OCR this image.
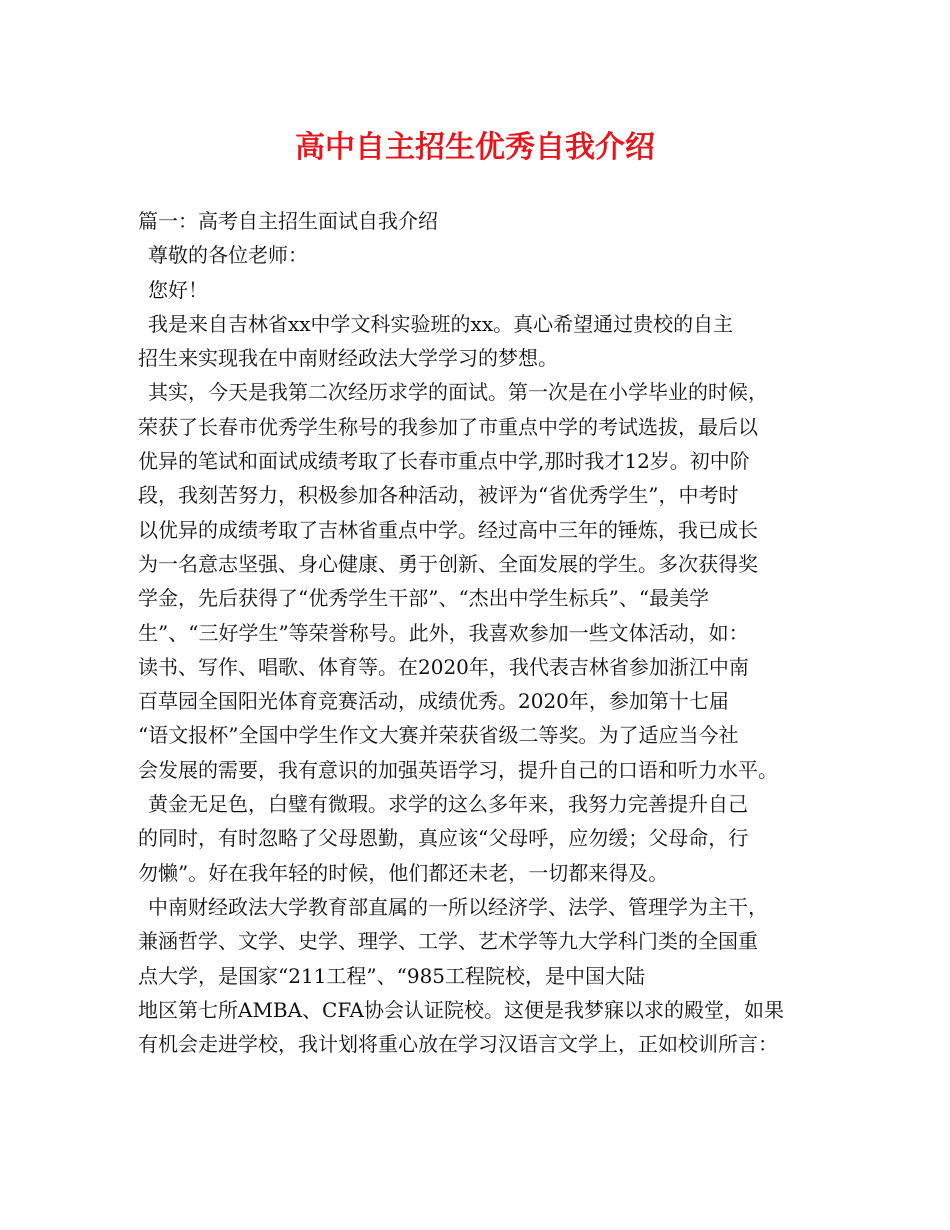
高中自主招生优秀自我介绍
篇一：高考自主招生面试自我介绍
尊敬的各位老师：
您好！
我是来自吉林省xx中学文科实验班的xx。真心希望通过贵校的自主
招生来实现我在中南财经政法大学学习的梦想。
其实，今天是我第二次经历求学的面试。第一次是在小学毕业的时候，
荣获了长春市优秀学生称号的我参加了市重点中学的考试选拔，最后以
优异的笔试和面试成绩考取了长春市重点中学,那时我才12岁。初中阶
段，我刻苦努力，积极参加各种活动，被评为“省优秀学生”，中考时
以优异的成绩考取了吉林省重点中学。经过高中三年的锤炼，我已成长
为一名意志坚强、身心健康、勇于创新、全面发展的学生。多次获得奖
学金，先后获得了“优秀学生干部”、“杰出中学生标兵”、“最美学
生”、“三好学生”等荣誉称号。此外，我喜欢参加一些文体活动，如：
读书、写作、唱歌、体育等。在2020年，我代表吉林省参加浙江中南
百草园全国阳光体育竞赛活动，成绩优秀。2020年，参加第十七届
“语文报杯”全国中学生作文大赛并荣获省级二等奖。为了适应当今社
会发展的需要，我有意识的加强英语学习，提升自己的口语和听力水平。
黄金无足色，白璧有微瑕。求学的这么多年来，我努力完善提升自己
的同时，有时忽略了父母恩勤，真应该“父母呼，应勿缓；父母命，行
勿懒”。好在我年轻的时候，他们都还未老，一切都来得及。
中南财经政法大学教育部直属的一所以经济学、法学、管理学为主干，
兼涵哲学、文学、史学、理学、工学、艺术学等九大学科门类的全国重
点大学，是国家“211工程”、“985工程院校，是中国大陆
地区第七所AMBA、CFA协会认证院校。这便是我梦寐以求的殿堂，如果
有机会走进学校，我计划将重心放在学习汉语言文学上，正如校训所言：
